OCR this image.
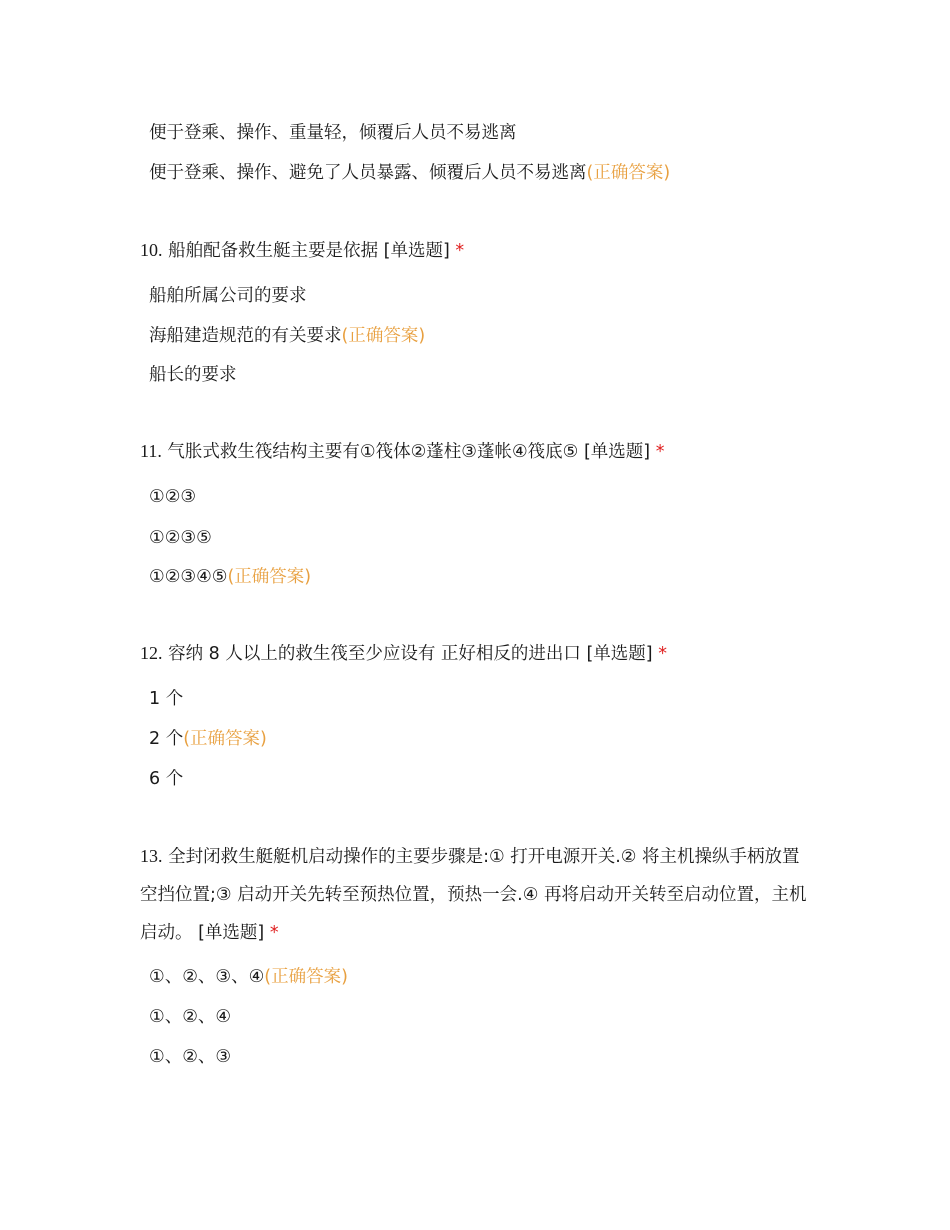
便于登乘、操作、重量轻，倾覆后人员不易逃离
便于登乘、操作、避免了人员暴露、倾覆后人员不易逃离(正确答案)
10. 船舶配备救生艇主要是依据 [单选题] *
船舶所属公司的要求
海船建造规范的有关要求(正确答案)
船长的要求
11. 气胀式救生筏结构主要有①筏体②蓬柱③蓬帐④筏底⑤ [单选题] *
①②③
①②③⑤
①②③④⑤(正确答案)
12. 容纳 8 人以上的救生筏至少应设有 正好相反的进出口 [单选题] *
1 个
2 个(正确答案)
6 个
13. 全封闭救生艇艇机启动操作的主要步骤是:① 打开电源开关.② 将主机操纵手柄放置空挡位置;③ 启动开关先转至预热位置，预热一会.④ 再将启动开关转至启动位置，主机启动。 [单选题] *
①、②、③、④(正确答案)
①、②、④
①、②、③
